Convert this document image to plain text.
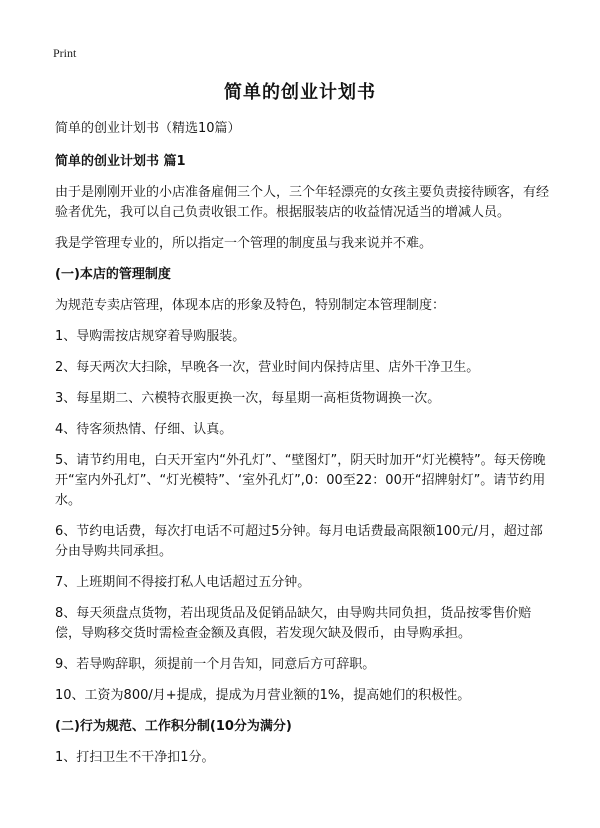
Print
简单的创业计划书

简单的创业计划书（精选10篇）

简单的创业计划书 篇1

由于是刚刚开业的小店准备雇佣三个人，三个年轻漂亮的女孩主要负责接待顾客，有经验者优先，我可以自己负责收银工作。根据服装店的收益情况适当的增减人员。

我是学管理专业的，所以指定一个管理的制度虽与我来说并不难。

(一)本店的管理制度

为规范专卖店管理，体现本店的形象及特色，特别制定本管理制度：

1、导购需按店规穿着导购服装。

2、每天两次大扫除，早晚各一次，营业时间内保持店里、店外干净卫生。

3、每星期二、六模特衣服更换一次，每星期一高柜货物调换一次。

4、待客须热情、仔细、认真。

5、请节约用电，白天开室内“外孔灯”、“壁图灯”，阴天时加开“灯光模特”。每天傍晚开“室内外孔灯”、“灯光模特”、‘室外孔灯”,0：00至22：00开“招牌射灯”。请节约用水。

6、节约电话费，每次打电话不可超过5分钟。每月电话费最高限额100元/月，超过部分由导购共同承担。

7、上班期间不得接打私人电话超过五分钟。

8、每天须盘点货物，若出现货品及促销品缺欠，由导购共同负担，货品按零售价赔偿，导购移交货时需检查金额及真假，若发现欠缺及假币，由导购承担。

9、若导购辞职，须提前一个月告知，同意后方可辞职。

10、工资为800/月+提成，提成为月营业额的1%，提高她们的积极性。

(二)行为规范、工作积分制(10分为满分)

1、打扫卫生不干净扣1分。
